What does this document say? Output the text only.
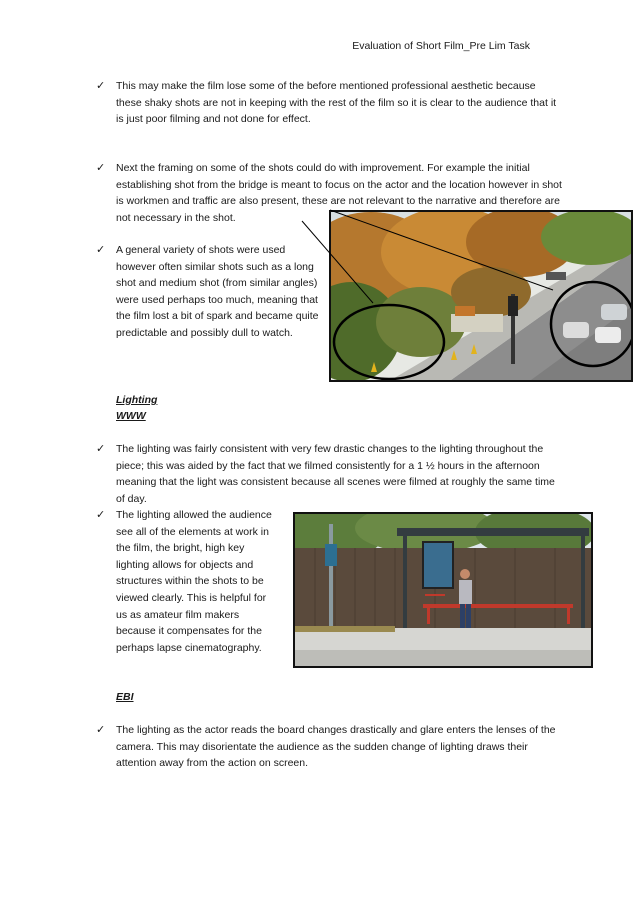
Evaluation of Short Film_Pre Lim Task
✓	This may make the film lose some of the before mentioned professional aesthetic because these shaky shots are not in keeping with the rest of the film so it is clear to the audience that it is just poor filming and not done for effect.
✓	Next the framing on some of the shots could do with improvement. For example the initial establishing shot from the bridge is meant to focus on the actor and the location however in shot is workmen and traffic are also present, these are not relevant to the narrative and therefore are not necessary in the shot.
✓	A general variety of shots were used however often similar shots such as a long shot and medium shot (from similar angles) were used perhaps too much, meaning that the film lost a bit of spark and became quite predictable and possibly dull to watch.
Lighting
WWW
✓	The lighting was fairly consistent with very few drastic changes to the lighting throughout the piece; this was aided by the fact that we filmed consistently for a 1 ½ hours in the afternoon meaning that the light was consistent because all scenes were filmed at roughly the same time of day.
✓	The lighting allowed the audience see all of the elements at work in the film, the bright, high key lighting allows for objects and structures within the shots to be viewed clearly. This is helpful for us as amateur film makers because it compensates for the perhaps lapse cinematography.
EBI
✓	The lighting as the actor reads the board changes drastically and glare enters the lenses of the camera. This may disorientate the audience as the sudden change of lighting draws their attention away from the action on screen.
